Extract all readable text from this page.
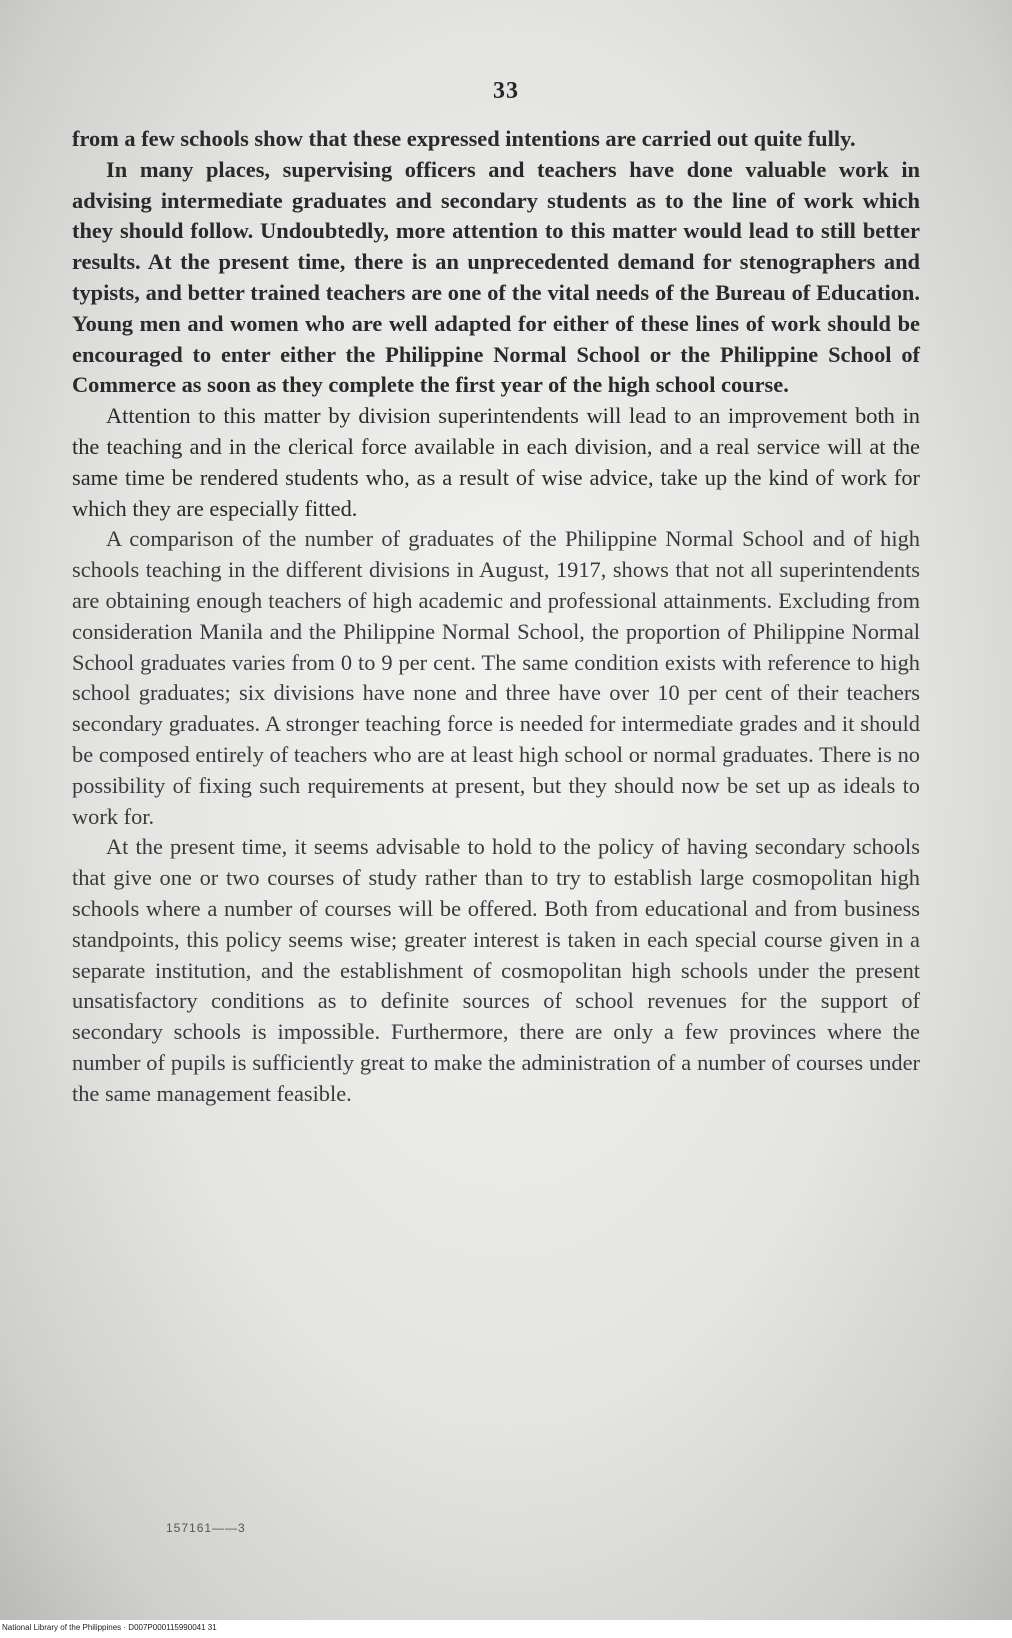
33

from a few schools show that these expressed intentions are carried out quite fully.

In many places, supervising officers and teachers have done valuable work in advising intermediate graduates and secondary students as to the line of work which they should follow. Undoubtedly, more attention to this matter would lead to still better results. At the present time, there is an unprecedented demand for stenographers and typists, and better trained teachers are one of the vital needs of the Bureau of Education. Young men and women who are well adapted for either of these lines of work should be encouraged to enter either the Philippine Normal School or the Philippine School of Commerce as soon as they complete the first year of the high school course.

Attention to this matter by division superintendents will lead to an improvement both in the teaching and in the clerical force available in each division, and a real service will at the same time be rendered students who, as a result of wise advice, take up the kind of work for which they are especially fitted.

A comparison of the number of graduates of the Philippine Normal School and of high schools teaching in the different divisions in August, 1917, shows that not all superintendents are obtaining enough teachers of high academic and professional attainments. Excluding from consideration Manila and the Philippine Normal School, the proportion of Philippine Normal School graduates varies from 0 to 9 per cent. The same condition exists with reference to high school graduates; six divisions have none and three have over 10 per cent of their teachers secondary graduates. A stronger teaching force is needed for intermediate grades and it should be composed entirely of teachers who are at least high school or normal graduates. There is no possibility of fixing such requirements at present, but they should now be set up as ideals to work for.

At the present time, it seems advisable to hold to the policy of having secondary schools that give one or two courses of study rather than to try to establish large cosmopolitan high schools where a number of courses will be offered. Both from educational and from business standpoints, this policy seems wise; greater interest is taken in each special course given in a separate institution, and the establishment of cosmopolitan high schools under the present unsatisfactory conditions as to definite sources of school revenues for the support of secondary schools is impossible. Furthermore, there are only a few provinces where the number of pupils is sufficiently great to make the administration of a number of courses under the same management feasible.

157161——3
National Library of the Philippines · D007P000115990041 31
